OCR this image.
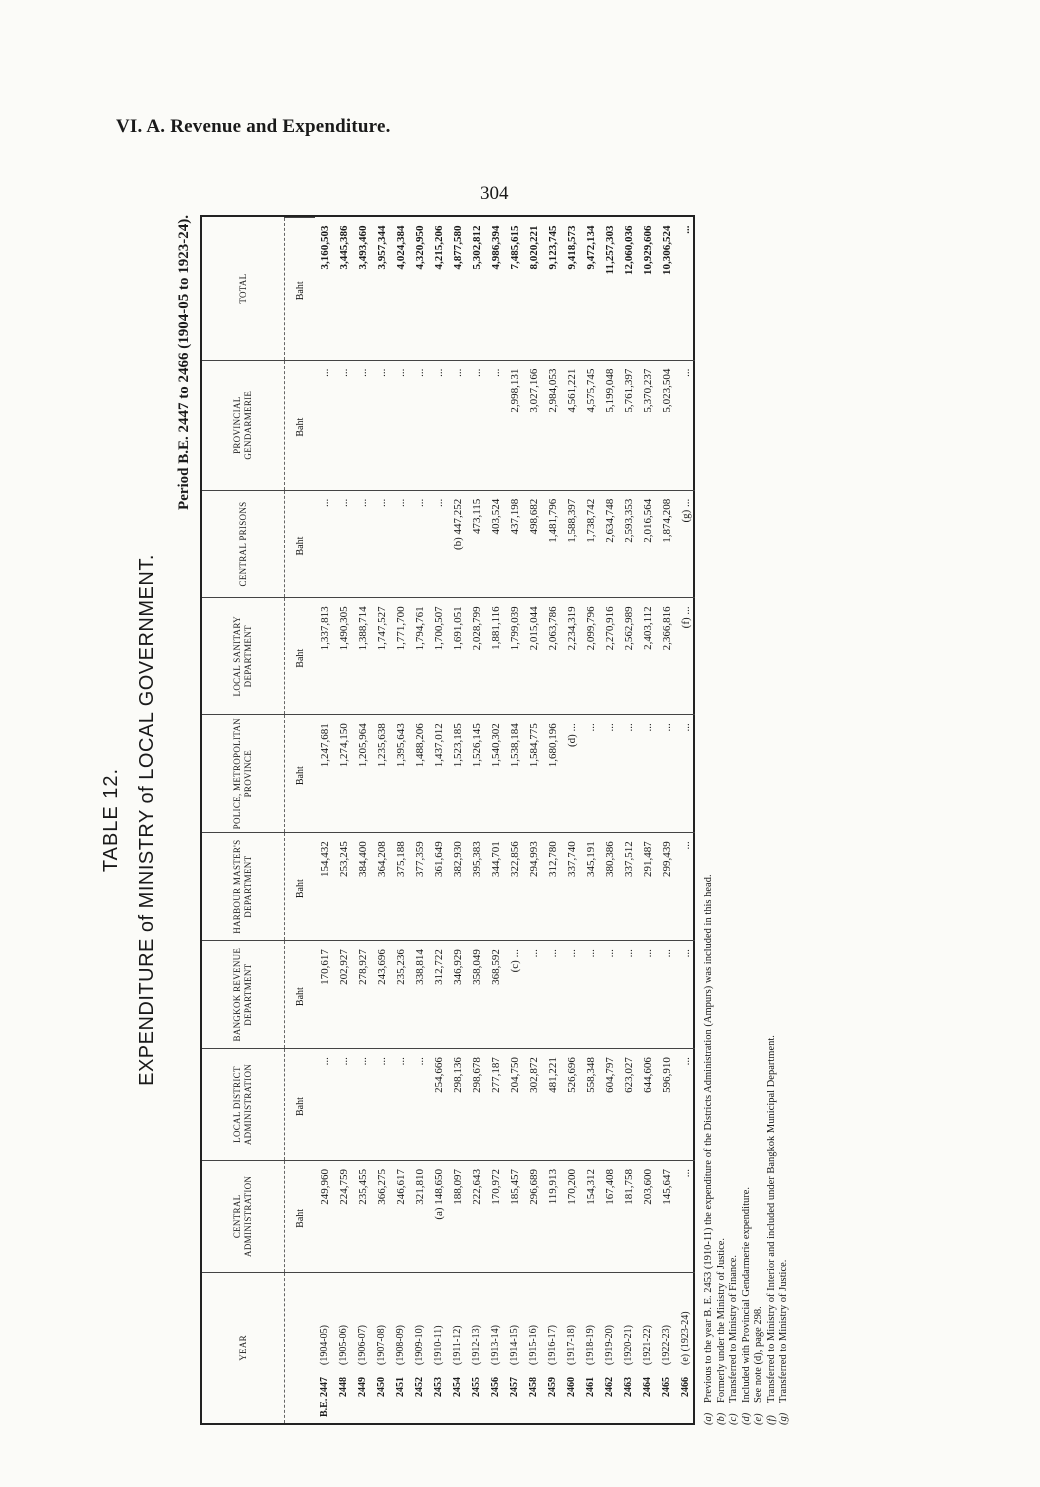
VI. A. Revenue and Expenditure.
304
TABLE 12. EXPENDITURE of MINISTRY of LOCAL GOVERNMENT.
Period B.E. 2447 to 2466 (1904-05 to 1923-24).
YEAR	CENTRAL ADMINISTRATION	LOCAL DISTRICT ADMINISTRATION	BANGKOK REVENUE DEPARTMENT	HARBOUR MASTER'S DEPARTMENT	POLICE, METROPOLITAN PROVINCE	LOCAL SANITARY DEPARTMENT	CENTRAL PRISONS	PROVINCIAL GENDARMERIE	TOTAL
	Baht	Baht	Baht	Baht	Baht	Baht	Baht	Baht	Baht
B.E.2447(1904-05)	249,960	...	170,617	154,432	1,247,681	1,337,813	...	...	3,160,503
2448(1905-06)	224,759	...	202,927	253,245	1,274,150	1,490,305	...	...	3,445,386
2449(1906-07)	235,455	...	278,927	384,400	1,205,964	1,388,714	...	...	3,493,460
2450(1907-08)	366,275	...	243,696	364,208	1,235,638	1,747,527	...	...	3,957,344
2451(1908-09)	246,617	...	235,236	375,188	1,395,643	1,771,700	...	...	4,024,384
2452(1909-10)	321,810	...	338,814	377,359	1,488,206	1,794,761	...	...	4,320,950
2453(1910-11)	(a) 148,650	254,666	312,722	361,649	1,437,012	1,700,507	...	...	4,215,206
2454(1911-12)	188,097	298,136	346,929	382,930	1,523,185	1,691,051	(b) 447,252	...	4,877,580
2455(1912-13)	222,643	298,678	358,049	395,383	1,526,145	2,028,799	473,115	...	5,302,812
2456(1913-14)	170,972	277,187	368,592	344,701	1,540,302	1,881,116	403,524	...	4,986,394
2457(1914-15)	185,457	204,750	(c) ...	322,856	1,538,184	1,799,039	437,198	2,998,131	7,485,615
2458(1915-16)	296,689	302,872	...	294,993	1,584,775	2,015,044	498,682	3,027,166	8,020,221
2459(1916-17)	119,913	481,221	...	312,780	1,680,196	2,063,786	1,481,796	2,984,053	9,123,745
2460(1917-18)	170,200	526,696	...	337,740	(d) ...	2,234,319	1,588,397	4,561,221	9,418,573
2461(1918-19)	154,312	558,348	...	345,191	...	2,099,796	1,738,742	4,575,745	9,472,134
2462(1919-20)	167,408	604,797	...	380,386	...	2,270,916	2,634,748	5,199,048	11,257,303
2463(1920-21)	181,758	623,027	...	337,512	...	2,562,989	2,593,353	5,761,397	12,060,036
2464(1921-22)	203,600	644,606	...	291,487	...	2,403,112	2,016,564	5,370,237	10,929,606
2465(1922-23)	145,647	596,910	...	299,439	...	2,366,816	1,874,208	5,023,504	10,306,524
2466(e) (1923-24)	...	...	...	...	...	(f) ...	(g) ...	...	...
(a)Previous to the year B. E. 2453 (1910-11) the expenditure of the Districts Administration (Ampurs) was included in this head.
(b)Formerly under the Ministry of Justice.
(c)Transferred to Ministry of Finance.
(d)Included with Provincial Gendarmerie expenditure.
(e)See note (d), page 298.
(f)Transferred to Ministry of Interior and included under Bangkok Municipal Department.
(g)Transferred to Ministry of Justice.
